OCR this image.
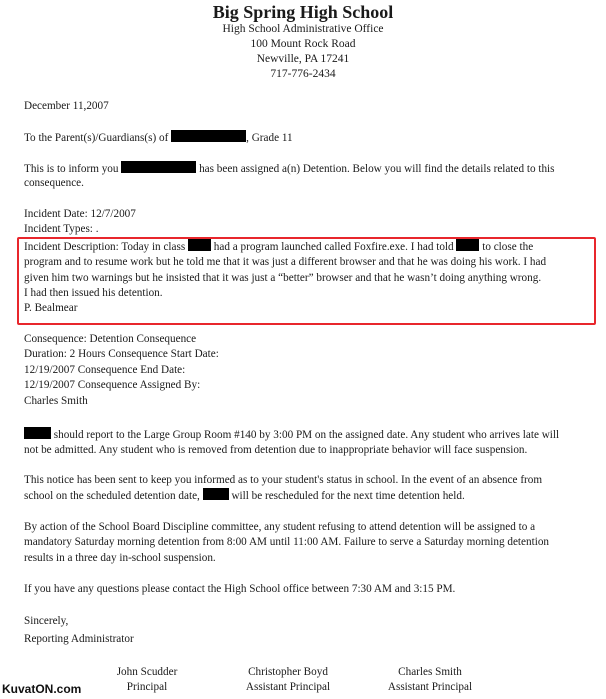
Big Spring High School
High School Administrative Office
100 Mount Rock Road
Newville, PA 17241
717-776-2434
December 11,2007
To the Parent(s)/Guardians(s) of	, Grade 11
This is to inform you	has been assigned a(n) Detention. Below you will find the details related to this
consequence.
Incident Date: 12/7/2007
Incident Types: .
Incident Description: Today in class	had a program launched called Foxfire.exe. I had told	to close the
program and to resume work but he told me that it was just a different browser and that he was doing his work. I had
given him two warnings but he insisted that it was just a “better” browser and that he wasn’t doing anything wrong.
I had then issued his detention.
P. Bealmear
Consequence: Detention Consequence
Duration: 2 Hours Consequence Start Date:
12/19/2007 Consequence End Date:
12/19/2007 Consequence Assigned By:
Charles Smith
should report to the Large Group Room #140 by 3:00 PM on the assigned date. Any student who arrives late will
not be admitted. Any student who is removed from detention due to inappropriate behavior will face suspension.
This notice has been sent to keep you informed as to your student's status in school. In the event of an absence from
school on the scheduled detention date,	will be rescheduled for the next time detention held.
By action of the School Board Discipline committee, any student refusing to attend detention will be assigned to a
mandatory Saturday morning detention from 8:00 AM until 11:00 AM. Failure to serve a Saturday morning detention
results in a three day in-school suspension.
If you have any questions please contact the High School office between 7:30 AM and 3:15 PM.
Sincerely,
Reporting Administrator
John Scudder
Principal
Christopher Boyd
Assistant Principal
Charles Smith
Assistant Principal
KuvatON.com
